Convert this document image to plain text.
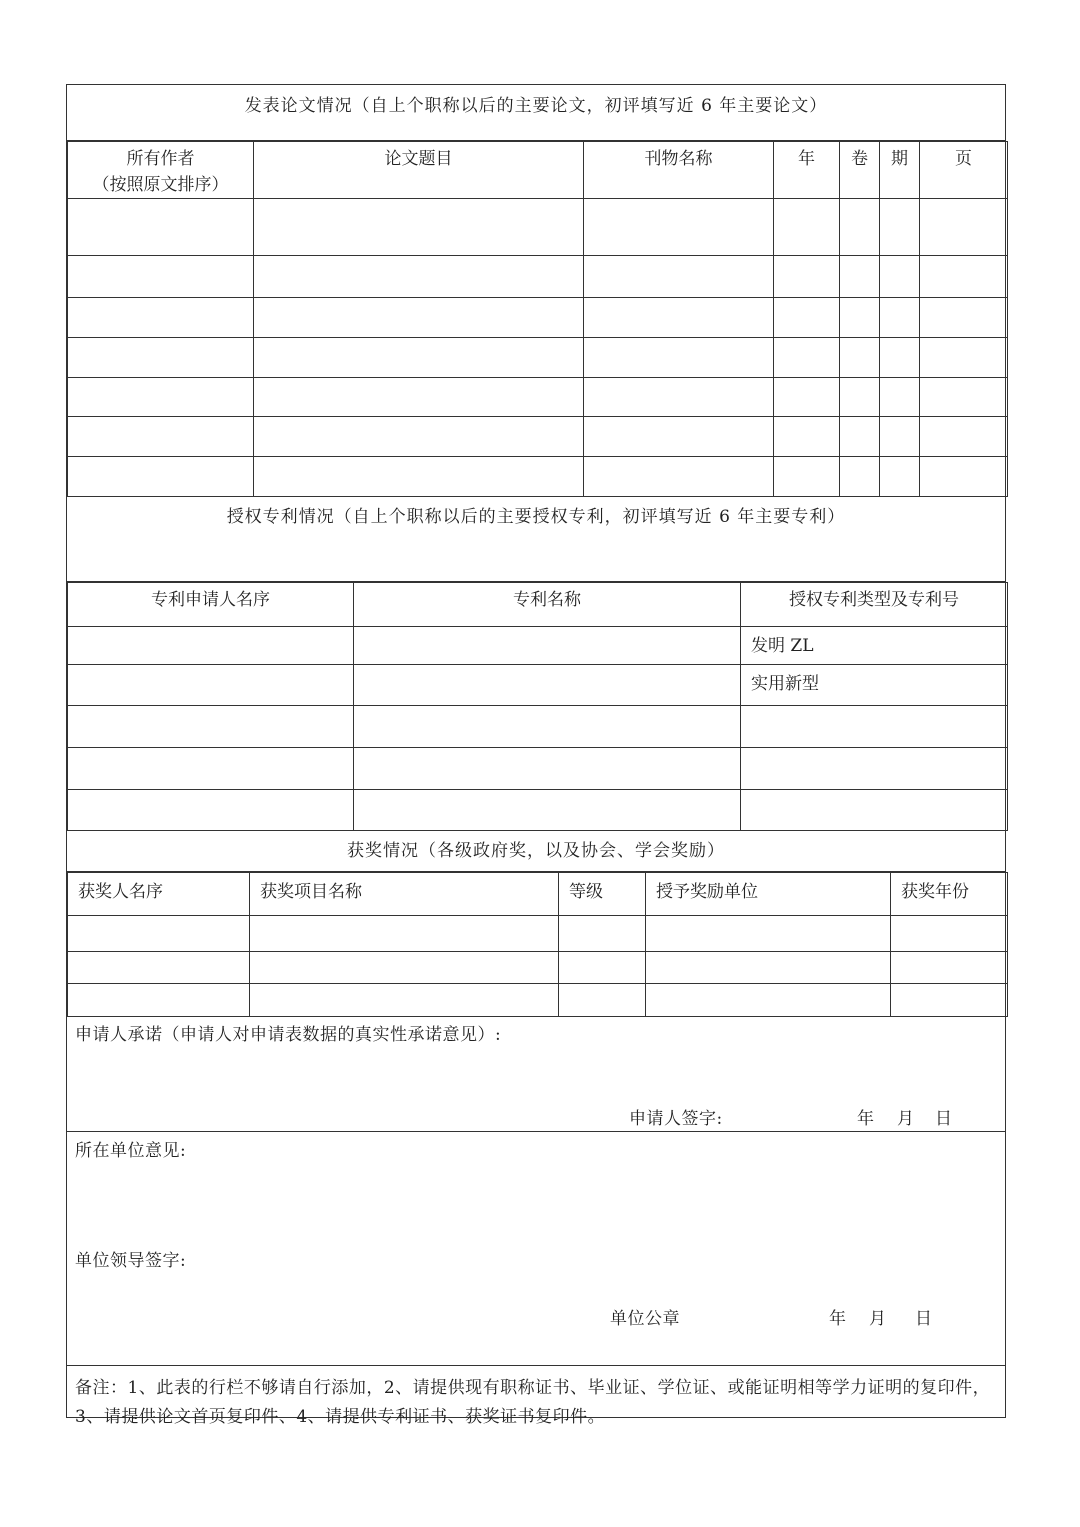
发表论文情况（自上个职称以后的主要论文，初评填写近 6 年主要论文）
所有作者
（按照原文排序）	论文题目	刊物名称	年	卷	期	页

授权专利情况（自上个职称以后的主要授权专利，初评填写近 6 年主要专利）
专利申请人名序	专利名称	授权专利类型及专利号
		发明 ZL
		实用新型

获奖情况（各级政府奖，以及协会、学会奖励）
获奖人名序	获奖项目名称	等级	授予奖励单位	获奖年份

申请人承诺（申请人对申请表数据的真实性承诺意见）:
申请人签字:	年 月 日
所在单位意见:
单位领导签字:
单位公章	年 月 日
备注：1、此表的行栏不够请自行添加，2、请提供现有职称证书、毕业证、学位证、或能证明相等学力证明的复印件，3、请提供论文首页复印件、4、请提供专利证书、获奖证书复印件。
